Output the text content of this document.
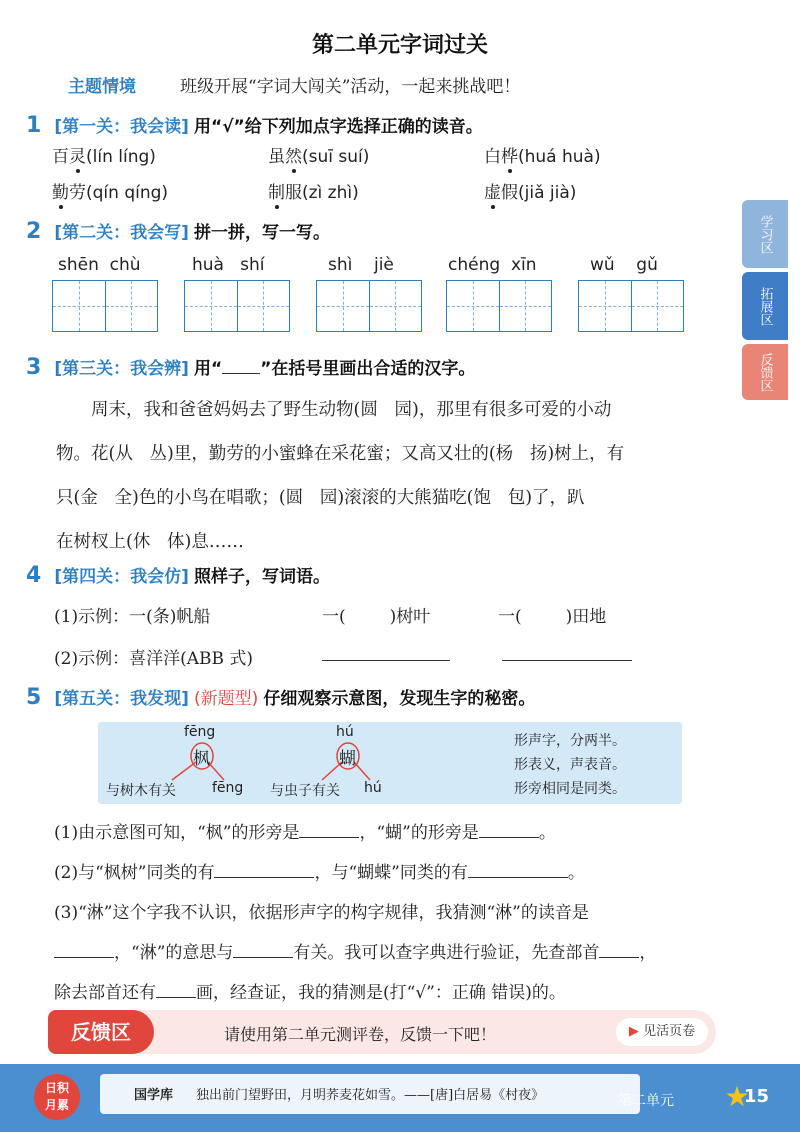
第二单元字词过关
主题情境	班级开展“字词大闯关”活动，一起来挑战吧！
学习区
拓展区
反馈区
1 [第一关：我会读] 用“√”给下列加点字选择正确的读音。
百灵(lín líng)	虽然(suī suí)	白桦(huá huà)
勤劳(qín qíng)	制服(zì zhì)	虚假(jiǎ jià)
2 [第二关：我会写] 拼一拼，写一写。
shēn  chù	huà   shí	shì    jiè	chéng  xīn	wǔ    gǔ
3 [第三关：我会辨] 用“ ”在括号里画出合适的汉字。
周末，我和爸爸妈妈去了野生动物(圆   园)，那里有很多可爱的小动
物。花(从   丛)里，勤劳的小蜜蜂在采花蜜；又高又壮的(杨   扬)树上，有
只(金   全)色的小鸟在唱歌；(圆   园)滚滚的大熊猫吃(饱   包)了，趴
在树杈上(休   体)息……
4 [第四关：我会仿] 照样子，写词语。
(1)示例：一(条)帆船	一(	)树叶	一(	)田地
(2)示例：喜洋洋(ABB 式)
5 [第五关：我发现] (新题型) 仔细观察示意图，发现生字的秘密。
fēng
枫
与树木有关	fēng
hú
蝴
与虫子有关 hú
形声字，分两半。
形表义，声表音。
形旁相同是同类。
(1)由示意图可知，“枫”的形旁是	，“蝴”的形旁是	。
(2)与“枫树”同类的有	，与“蝴蝶”同类的有	。
(3)“淋”这个字我不认识，依据形声字的构字规律，我猜测“淋”的读音是
，“淋”的意思与	有关。我可以查字典进行验证，先查部首 ，
除去部首还有 画，经查证，我的猜测是(打“√”：正确 错误)的。
反馈区	请使用第二单元测评卷，反馈一下吧！	▶ 见活页卷
日积
月累
国学库 独出前门望野田，月明荞麦花如雪。——[唐]白居易《村夜》	第二单元 ★
15
